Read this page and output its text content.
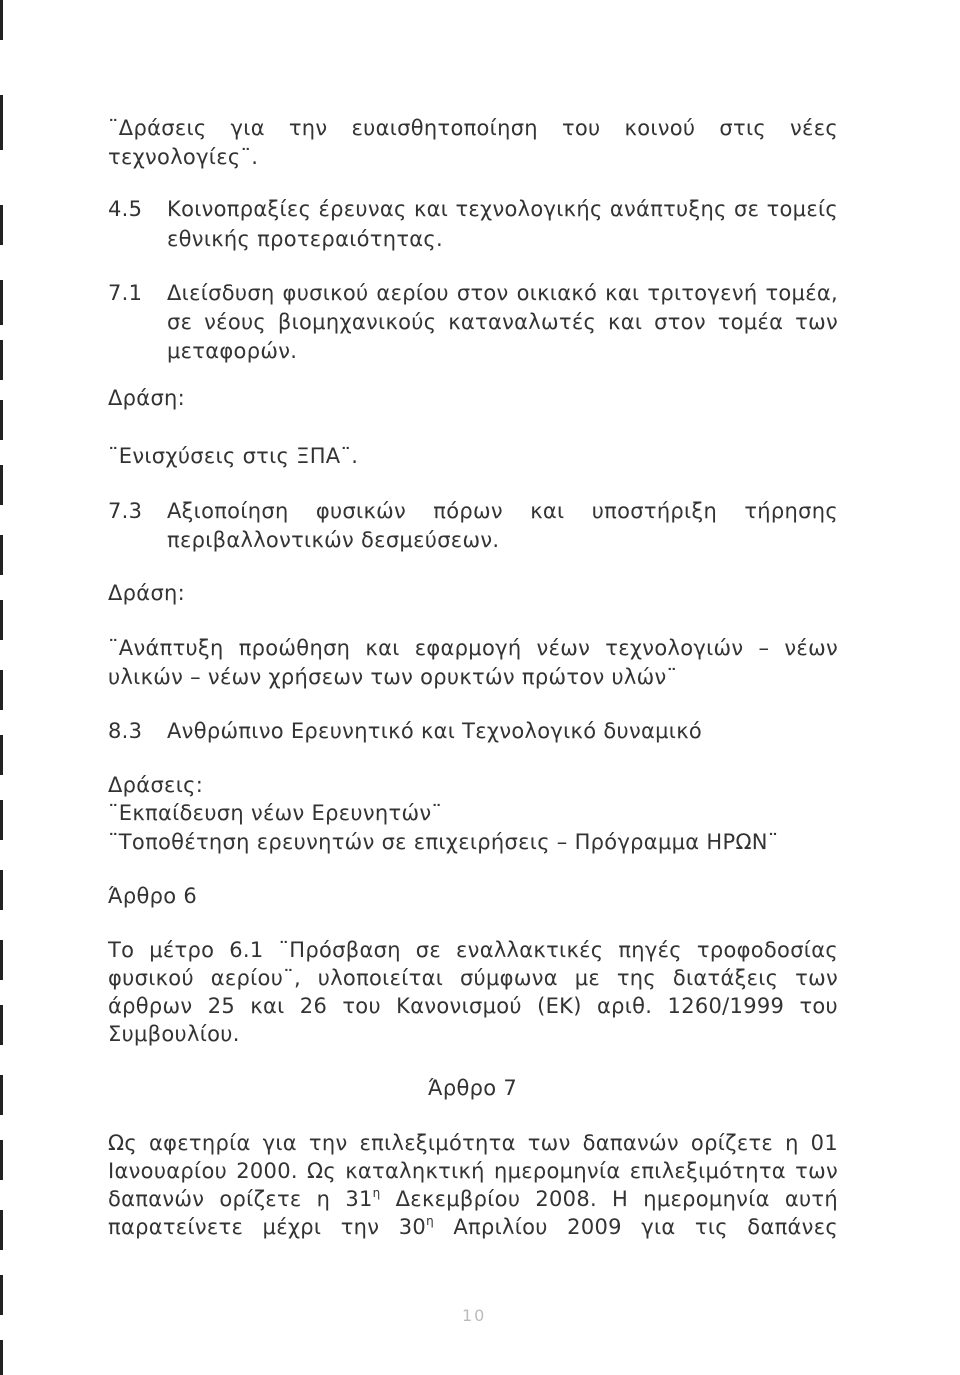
¨Δράσεις για την ευαισθητοποίηση του κοινού στις νέες
τεχνολογίες¨.
4.5 Κοινοπραξίες έρευνας και τεχνολογικής ανάπτυξης σε τομείς
εθνικής προτεραιότητας.
7.1 Διείσδυση φυσικού αερίου στον οικιακό και τριτογενή τομέα,
σε νέους βιομηχανικούς καταναλωτές και στον τομέα των
μεταφορών.
Δράση:
¨Ενισχύσεις στις ΞΠΑ¨.
7.3 Αξιοποίηση φυσικών πόρων και υποστήριξη τήρησης
περιβαλλοντικών δεσμεύσεων.
Δράση:
¨Ανάπτυξη προώθηση και εφαρμογή νέων τεχνολογιών – νέων
υλικών – νέων χρήσεων των ορυκτών πρώτον υλών¨
8.3 Ανθρώπινο Ερευνητικό και Τεχνολογικό δυναμικό
Δράσεις:
¨Εκπαίδευση νέων Ερευνητών¨
¨Τοποθέτηση ερευνητών σε επιχειρήσεις – Πρόγραμμα ΗΡΩΝ¨
Άρθρο 6
Το μέτρο 6.1 ¨Πρόσβαση σε εναλλακτικές πηγές τροφοδοσίας
φυσικού αερίου¨, υλοποιείται σύμφωνα με της διατάξεις των
άρθρων 25 και 26 του Κανονισμού (ΕΚ) αριθ. 1260/1999 του
Συμβουλίου.
Άρθρο 7
Ως αφετηρία για την επιλεξιμότητα των δαπανών ορίζετε η 01
Ιανουαρίου 2000. Ως καταληκτική ημερομηνία επιλεξιμότητα των
δαπανών ορίζετε η $31^\eta$ Δεκεμβρίου 2008. Η ημερομηνία αυτή
παρατείνετε μέχρι την $30^\eta$ Απριλίου 2009 για τις δαπάνες
10
